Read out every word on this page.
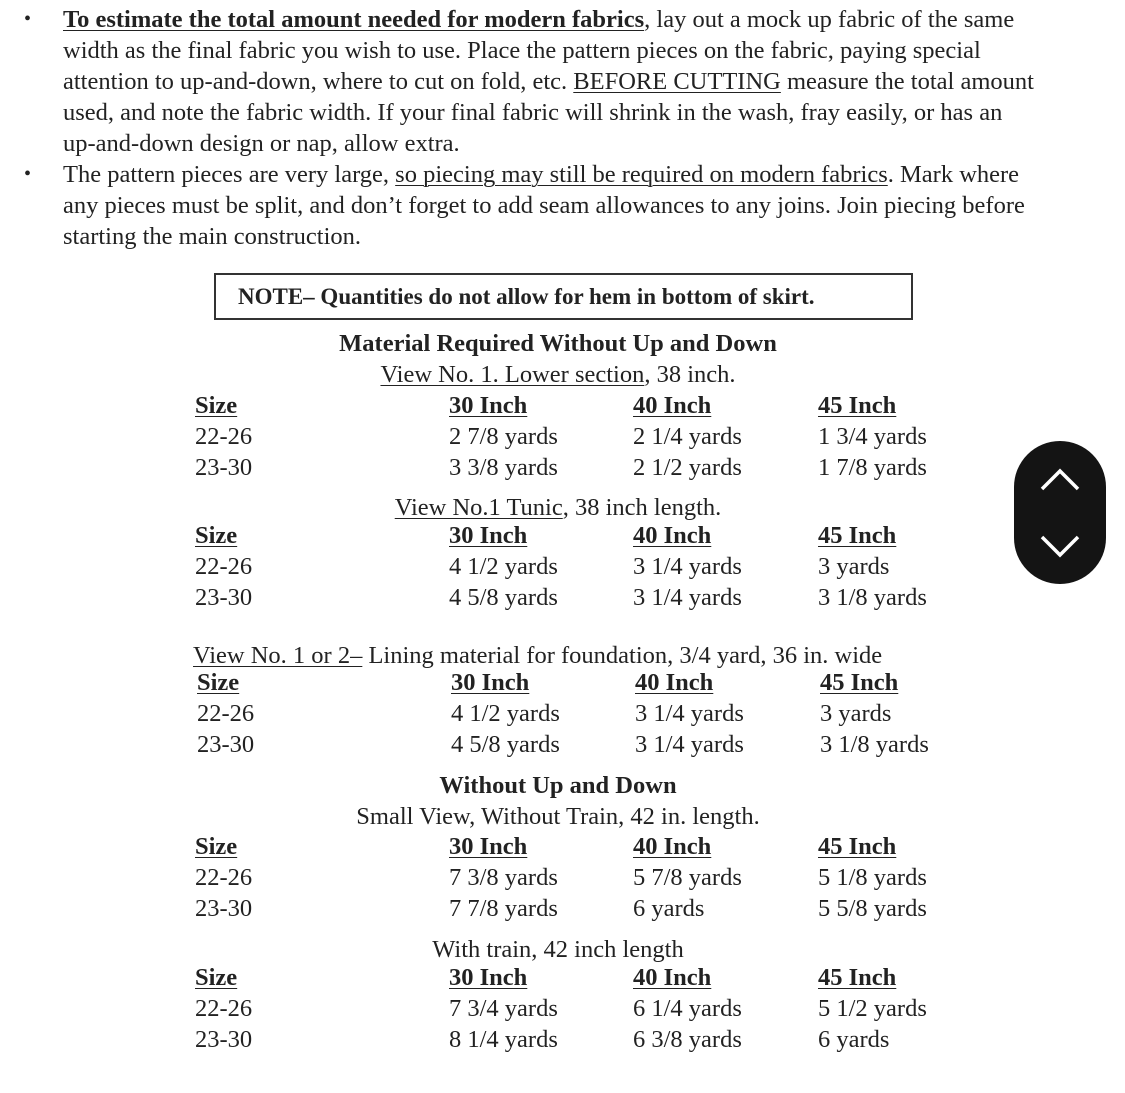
NOTE– Quantities do not allow for hem in bottom of skirt.
Material Required Without Up and Down
View No. 1. Lower section, 38 inch.
View No.1 Tunic, 38 inch length.
View No. 1 or 2– Lining material for foundation, 3/4 yard, 36 in. wide
Without Up and Down
Small View, Without Train, 42 in. length.
With train, 42 inch length
• To estimate the total amount needed for modern fabrics, lay out a mock up fabric of the same
width as the final fabric you wish to use. Place the pattern pieces on the fabric, paying special
attention to up-and-down, where to cut on fold, etc. BEFORE CUTTING measure the total amount
used, and note the fabric width. If your final fabric will shrink in the wash, fray easily, or has an
up-and-down design or nap, allow extra.
• The pattern pieces are very large, so piecing may still be required on modern fabrics. Mark where
any pieces must be split, and don’t forget to add seam allowances to any joins. Join piecing before
starting the main construction.
Size	30 Inch	40 Inch	45 Inch
22-26	2 7/8 yards	2 1/4 yards	1 3/4 yards
23-30	3 3/8 yards	2 1/2 yards	1 7/8 yards
Size	30 Inch	40 Inch	45 Inch
22-26	4 1/2 yards	3 1/4 yards	3 yards
23-30	4 5/8 yards	3 1/4 yards	3 1/8 yards
Size	30 Inch	40 Inch	45 Inch
22-26	4 1/2 yards	3 1/4 yards	3 yards
23-30	4 5/8 yards	3 1/4 yards	3 1/8 yards
Size	30 Inch	40 Inch	45 Inch
22-26	7 3/8 yards	5 7/8 yards	5 1/8 yards
23-30	7 7/8 yards	6 yards	5 5/8 yards
Size	30 Inch	40 Inch	45 Inch
22-26	7 3/4 yards	6 1/4 yards	5 1/2 yards
23-30	8 1/4 yards	6 3/8 yards	6 yards
